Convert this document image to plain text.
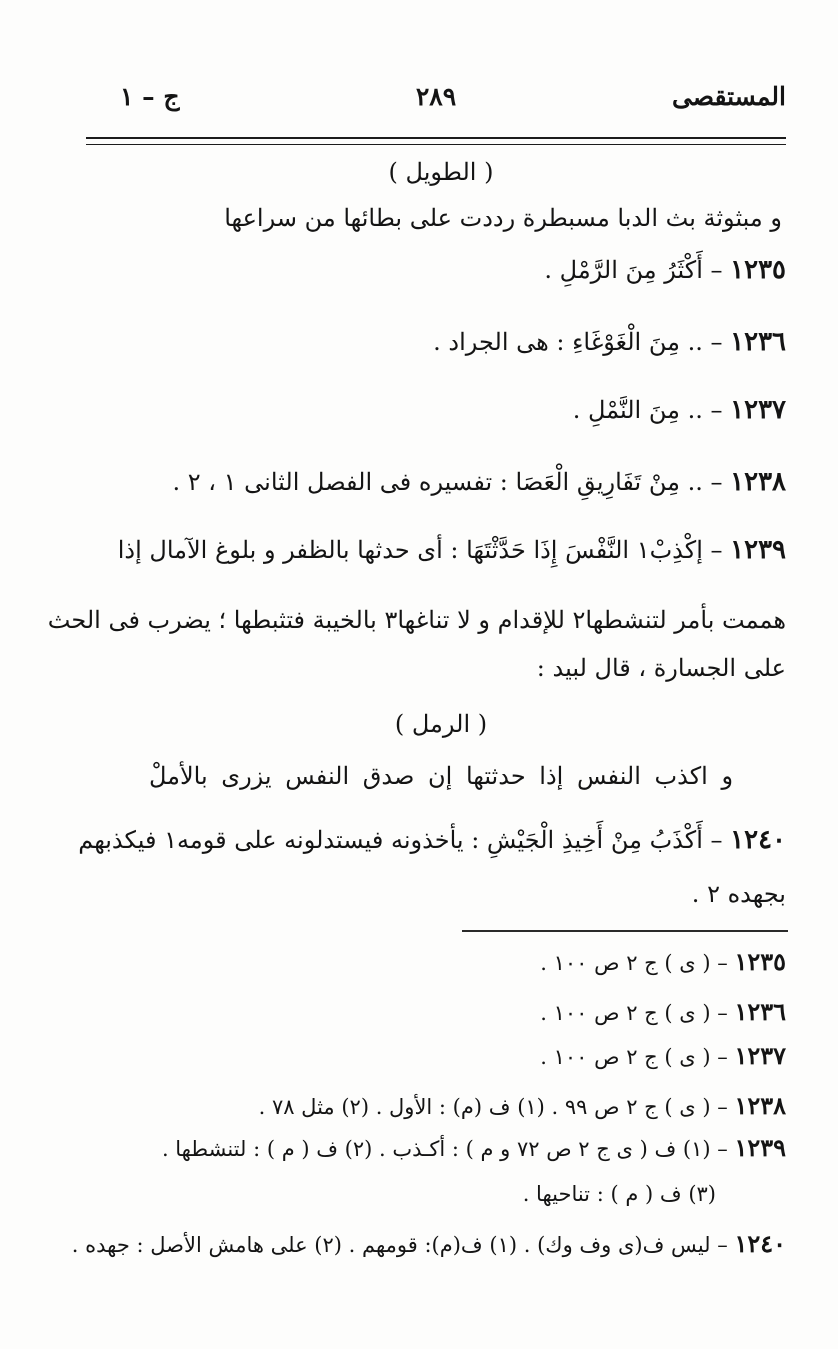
المستقصى
٢٨٩
ج – ١
( الطويل )
و مبثوثة بث الدبا مسبطرة رددت على بطائها من سراعها
١٢٣٥ – أَكْثَرُ مِنَ الرَّمْلِ .
١٢٣٦ – .. مِنَ الْغَوْغَاءِ : هى الجراد .
١٢٣٧ – .. مِنَ النَّمْلِ .
١٢٣٨ – .. مِنْ تَفَارِيقِ الْعَصَا : تفسيره فى الفصل الثانى ١ ، ٢ .
١٢٣٩ – إكْذِبْ١ النَّفْسَ إِذَا حَدَّثْتَهَا : أى حدثها بالظفر و بلوغ الآمال إذا
هممت بأمر لتنشطها٢ للإقدام و لا تناغها٣ بالخيبة فتثبطها ؛ يضرب فى الحث
على الجسارة ، قال لبيد :
( الرمل )
و اكذب النفس إذا حدثتها إن صدق النفس يزرى بالأملْ
١٢٤٠ – أَكْذَبُ مِنْ أَخِيذِ الْجَيْشِ : يأخذونه فيستدلونه على قومه١ فيكذبهم
بجهده ٢ .
١٢٣٥ – ( ى ) ج ٢ ص ١٠٠ .
١٢٣٦ – ( ى ) ج ٢ ص ١٠٠ .
١٢٣٧ – ( ى ) ج ٢ ص ١٠٠ .
١٢٣٨ – ( ى ) ج ٢ ص ٩٩ . (١) ف (م) : الأول . (٢) مثل ٧٨ .
١٢٣٩ – (١) ف ( ى ج ٢ ص ٧٢ و م ) : أكـذب . (٢) ف ( م ) : لتنشطها .
(٣) ف ( م ) : تناحيها .
١٢٤٠ – ليس ف(ى وف وك) . (١) ف(م): قومهم . (٢) على هامش الأصل : جهده .
